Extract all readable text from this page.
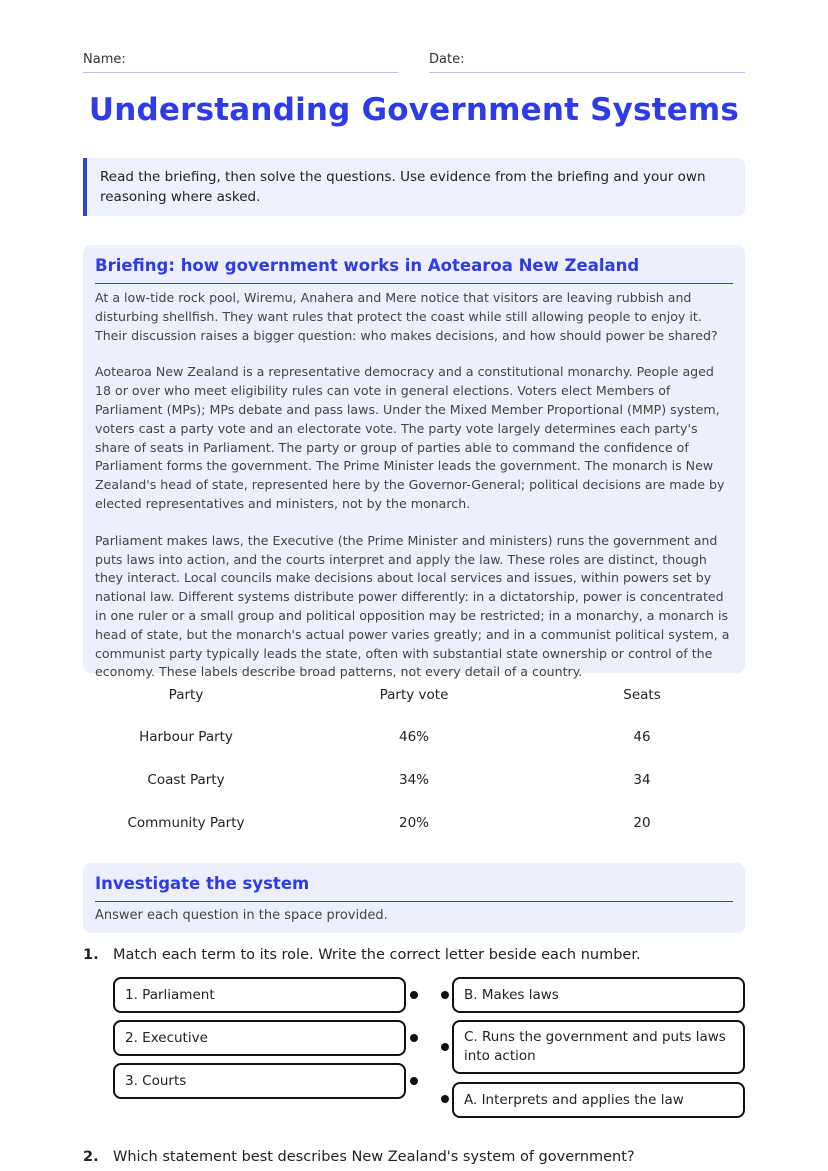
Name:	Date:
Understanding Government Systems
Read the briefing, then solve the questions. Use evidence from the briefing and your own reasoning where asked.
Briefing: how government works in Aotearoa New Zealand

At a low-tide rock pool, Wiremu, Anahera and Mere notice that visitors are leaving rubbish and disturbing shellfish. They want rules that protect the coast while still allowing people to enjoy it. Their discussion raises a bigger question: who makes decisions, and how should power be shared?

Aotearoa New Zealand is a representative democracy and a constitutional monarchy. People aged 18 or over who meet eligibility rules can vote in general elections. Voters elect Members of Parliament (MPs); MPs debate and pass laws. Under the Mixed Member Proportional (MMP) system, voters cast a party vote and an electorate vote. The party vote largely determines each party's share of seats in Parliament. The party or group of parties able to command the confidence of Parliament forms the government. The Prime Minister leads the government. The monarch is New Zealand's head of state, represented here by the Governor-General; political decisions are made by elected representatives and ministers, not by the monarch.

Parliament makes laws, the Executive (the Prime Minister and ministers) runs the government and puts laws into action, and the courts interpret and apply the law. These roles are distinct, though they interact. Local councils make decisions about local services and issues, within powers set by national law. Different systems distribute power differently: in a dictatorship, power is concentrated in one ruler or a small group and political opposition may be restricted; in a monarchy, a monarch is head of state, but the monarch's actual power varies greatly; and in a communist political system, a communist party typically leads the state, often with substantial state ownership or control of the economy. These labels describe broad patterns, not every detail of a country.

Party	Party vote	Seats
Harbour Party	46%	46
Coast Party	34%	34
Community Party	20%	20
Investigate the system
Answer each question in the space provided.
1. Match each term to its role. Write the correct letter beside each number.
1. Parliament
2. Executive
3. Courts
B. Makes laws
C. Runs the government and puts laws into action
A. Interprets and applies the law
2. Which statement best describes New Zealand's system of government?
